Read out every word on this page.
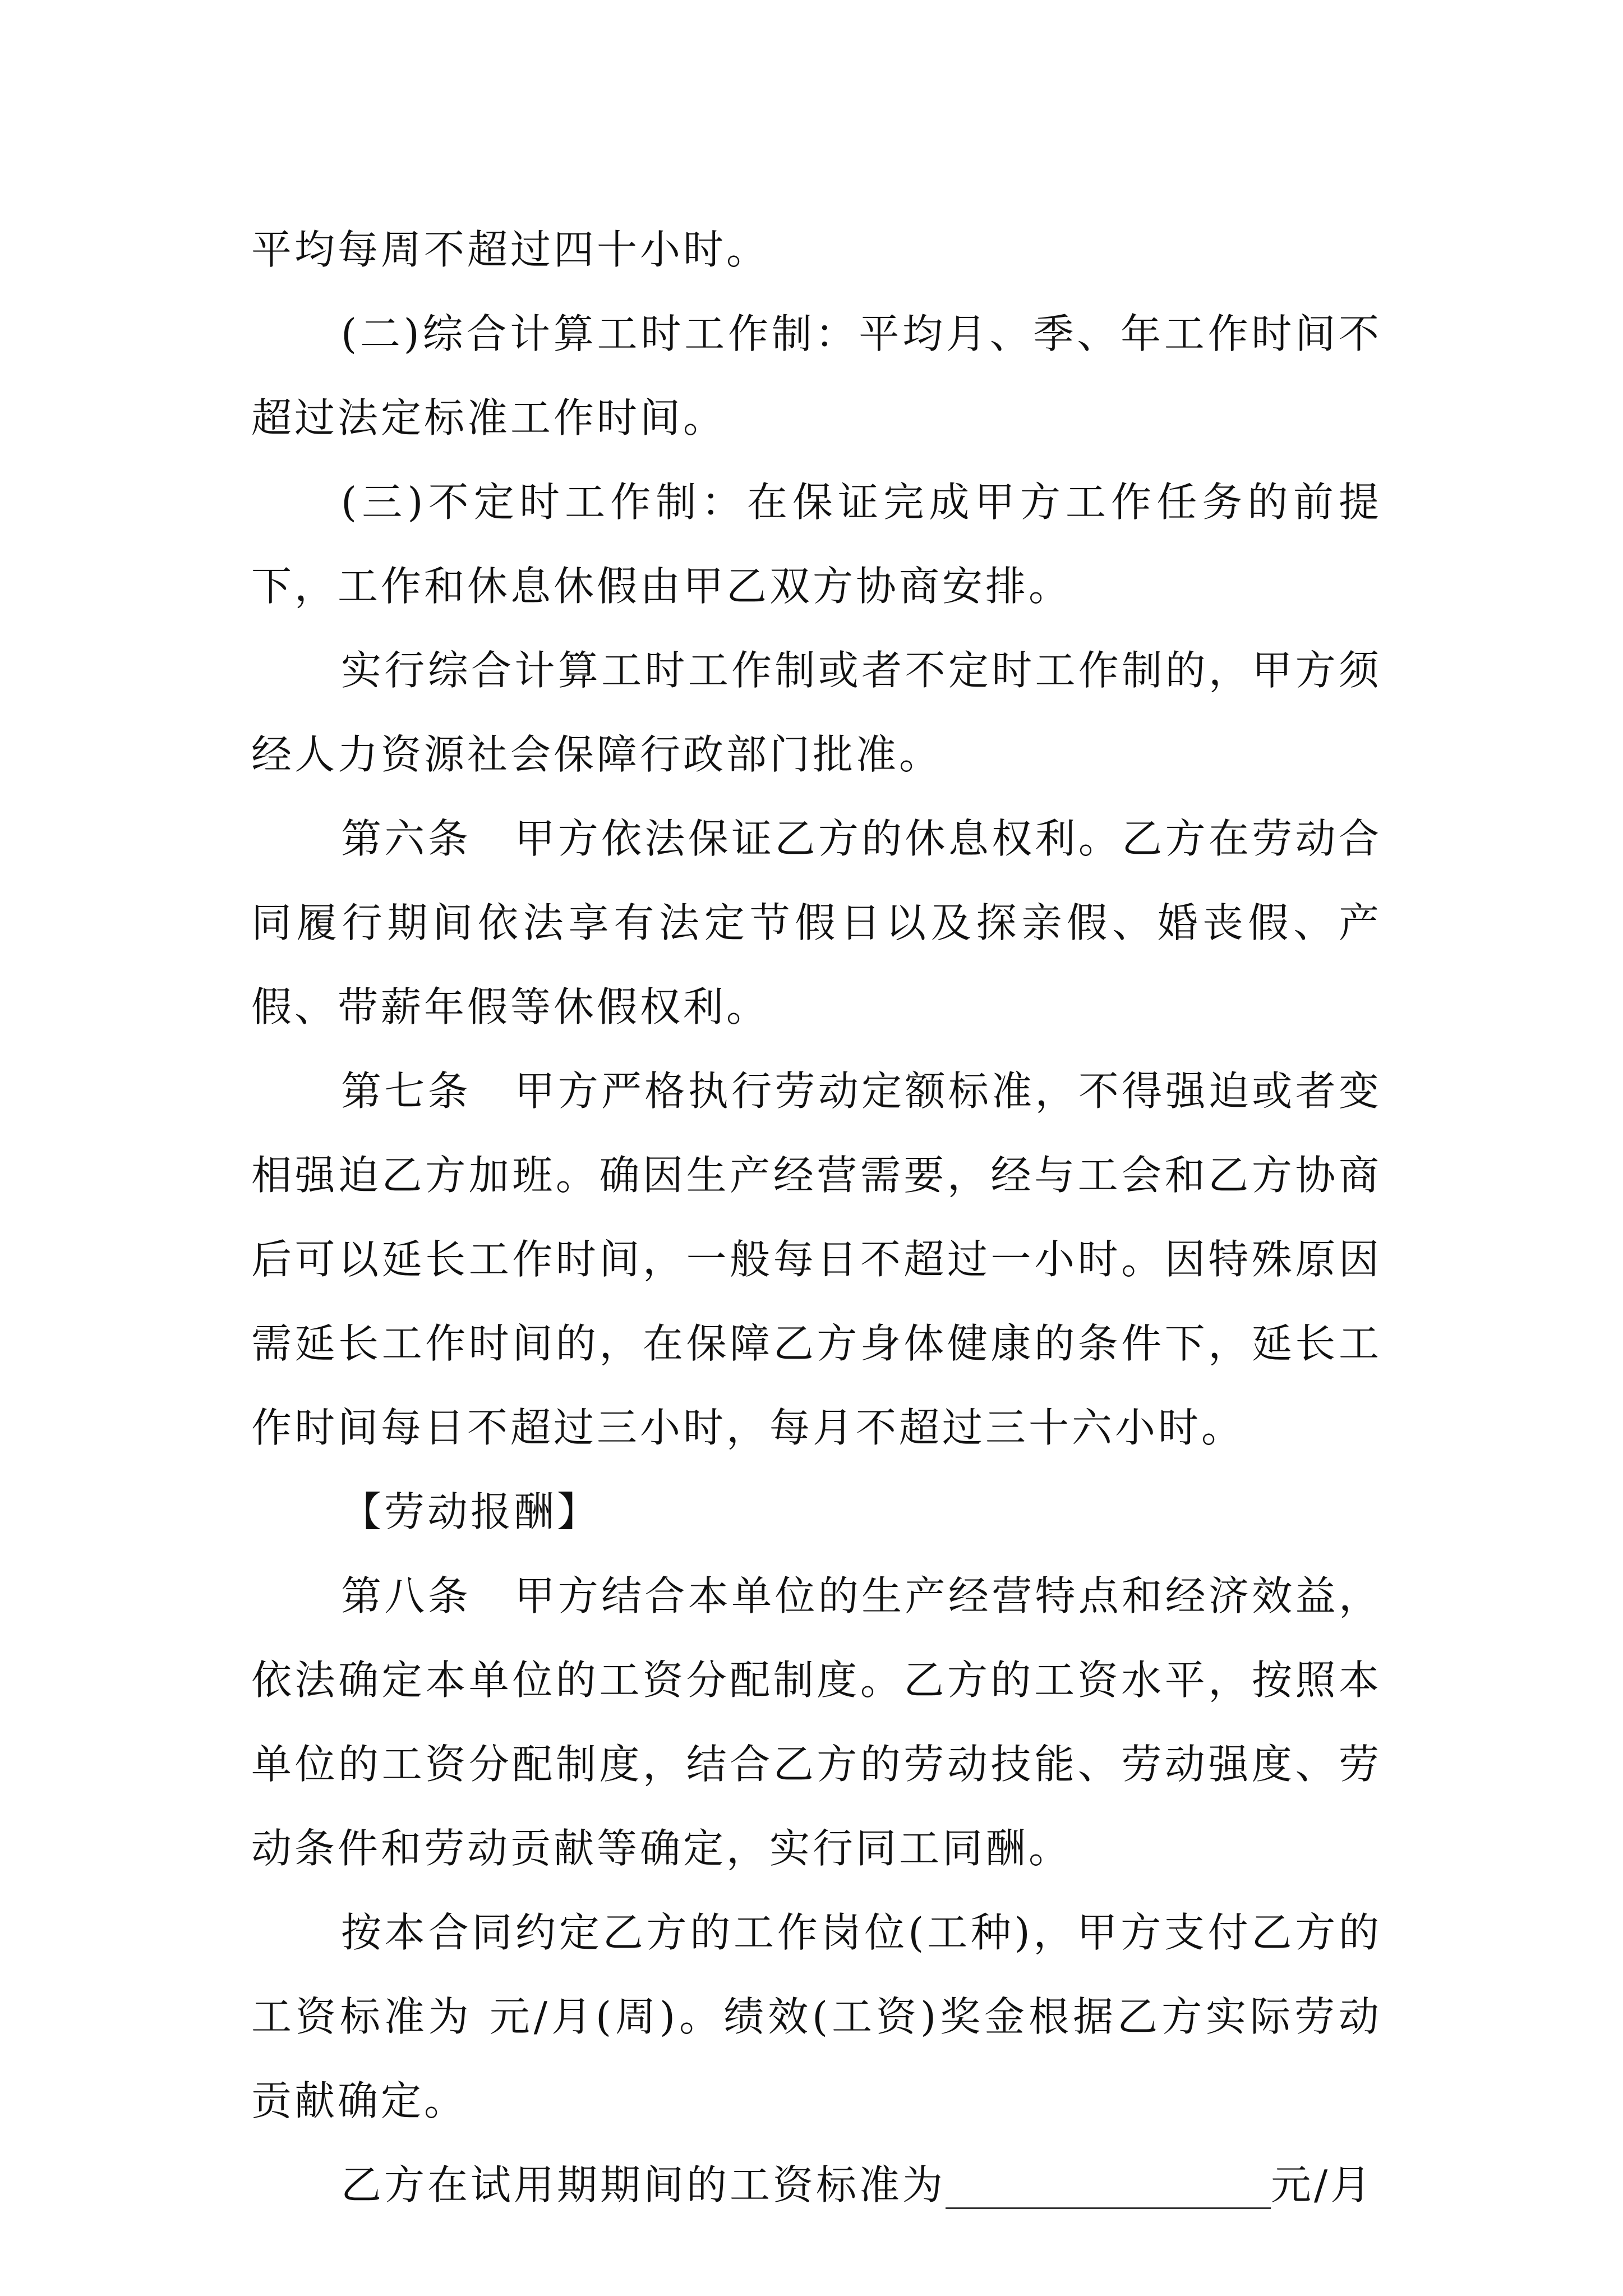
平均每周不超过四十小时。

(二)综合计算工时工作制：平均月、季、年工作时间不超过法定标准工作时间。

(三)不定时工作制：在保证完成甲方工作任务的前提下，工作和休息休假由甲乙双方协商安排。

实行综合计算工时工作制或者不定时工作制的，甲方须经人力资源社会保障行政部门批准。

第六条　甲方依法保证乙方的休息权利。乙方在劳动合同履行期间依法享有法定节假日以及探亲假、婚丧假、产假、带薪年假等休假权利。

第七条　甲方严格执行劳动定额标准，不得强迫或者变相强迫乙方加班。确因生产经营需要，经与工会和乙方协商后可以延长工作时间，一般每日不超过一小时。因特殊原因需延长工作时间的，在保障乙方身体健康的条件下，延长工作时间每日不超过三小时，每月不超过三十六小时。

【劳动报酬】

第八条　甲方结合本单位的生产经营特点和经济效益，依法确定本单位的工资分配制度。乙方的工资水平，按照本单位的工资分配制度，结合乙方的劳动技能、劳动强度、劳动条件和劳动贡献等确定，实行同工同酬。

按本合同约定乙方的工作岗位(工种)，甲方支付乙方的工资标准为 元/月(周)。绩效(工资)奖金根据乙方实际劳动贡献确定。

乙方在试用期期间的工资标准为	元/月
